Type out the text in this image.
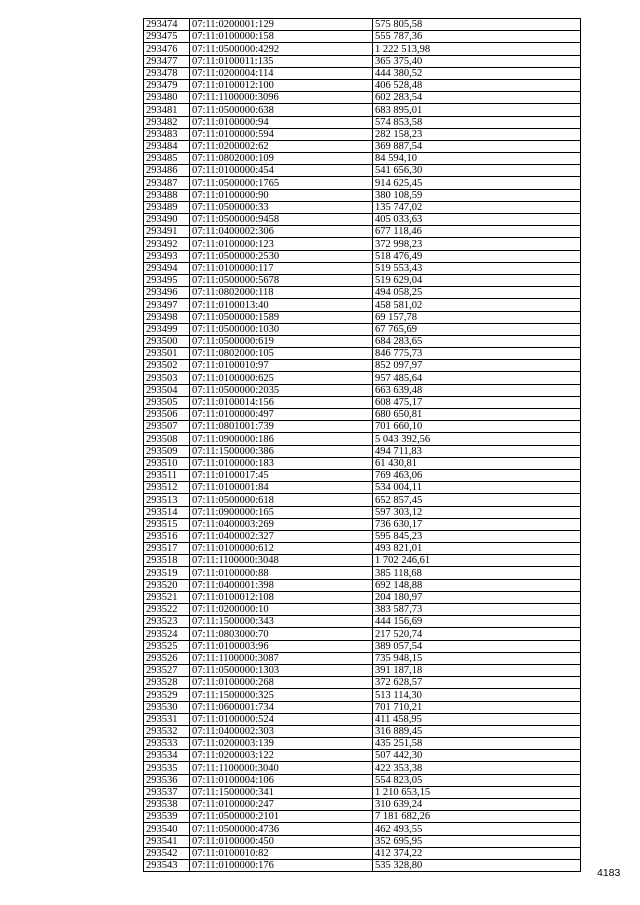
293474	07:11:0200001:129	575 805,58
293475	07:11:0100000:158	555 787,36
293476	07:11:0500000:4292	1 222 513,98
293477	07:11:0100011:135	365 375,40
293478	07:11:0200004:114	444 380,52
293479	07:11:0100012:100	406 528,48
293480	07:11:1100000:3096	602 283,54
293481	07:11:0500000:638	683 895,01
293482	07:11:0100000:94	574 853,58
293483	07:11:0100000:594	282 158,23
293484	07:11:0200002:62	369 887,54
293485	07:11:0802000:109	84 594,10
293486	07:11:0100000:454	541 656,30
293487	07:11:0500000:1765	914 625,45
293488	07:11:0100000:90	380 108,59
293489	07:11:0500000:33	135 747,02
293490	07:11:0500000:9458	405 033,63
293491	07:11:0400002:306	677 118,46
293492	07:11:0100000:123	372 998,23
293493	07:11:0500000:2530	518 476,49
293494	07:11:0100000:117	519 553,43
293495	07:11:0500000:5678	519 629,04
293496	07:11:0802000:118	494 058,25
293497	07:11:0100013:40	458 581,02
293498	07:11:0500000:1589	69 157,78
293499	07:11:0500000:1030	67 765,69
293500	07:11:0500000:619	684 283,65
293501	07:11:0802000:105	846 775,73
293502	07:11:0100010:97	852 097,97
293503	07:11:0100000:625	957 485,64
293504	07:11:0500000:2035	663 639,48
293505	07:11:0100014:156	608 475,17
293506	07:11:0100000:497	680 650,81
293507	07:11:0801001:739	701 660,10
293508	07:11:0900000:186	5 043 392,56
293509	07:11:1500000:386	494 711,83
293510	07:11:0100000:183	61 430,81
293511	07:11:0100017:45	769 463,06
293512	07:11:0100001:84	534 004,11
293513	07:11:0500000:618	652 857,45
293514	07:11:0900000:165	597 303,12
293515	07:11:0400003:269	736 630,17
293516	07:11:0400002:327	595 845,23
293517	07:11:0100000:612	493 821,01
293518	07:11:1100000:3048	1 702 246,61
293519	07:11:0100000:88	385 118,68
293520	07:11:0400001:398	692 148,88
293521	07:11:0100012:108	204 180,97
293522	07:11:0200000:10	383 587,73
293523	07:11:1500000:343	444 156,69
293524	07:11:0803000:70	217 520,74
293525	07:11:0100003:96	389 057,54
293526	07:11:1100000:3087	735 948,15
293527	07:11:0500000:1303	391 187,18
293528	07:11:0100000:268	372 628,57
293529	07:11:1500000:325	513 114,30
293530	07:11:0600001:734	701 710,21
293531	07:11:0100000:524	411 458,95
293532	07:11:0400002:303	316 889,45
293533	07:11:0200003:139	435 251,58
293534	07:11:0200003:122	507 442,30
293535	07:11:1100000:3040	422 353,38
293536	07:11:0100004:106	554 823,05
293537	07:11:1500000:341	1 210 653,15
293538	07:11:0100000:247	310 639,24
293539	07:11:0500000:2101	7 181 682,26
293540	07:11:0500000:4736	462 493,55
293541	07:11:0100000:450	352 695,95
293542	07:11:0100010:82	412 374,22
293543	07:11:0100000:176	535 328,80
4183
